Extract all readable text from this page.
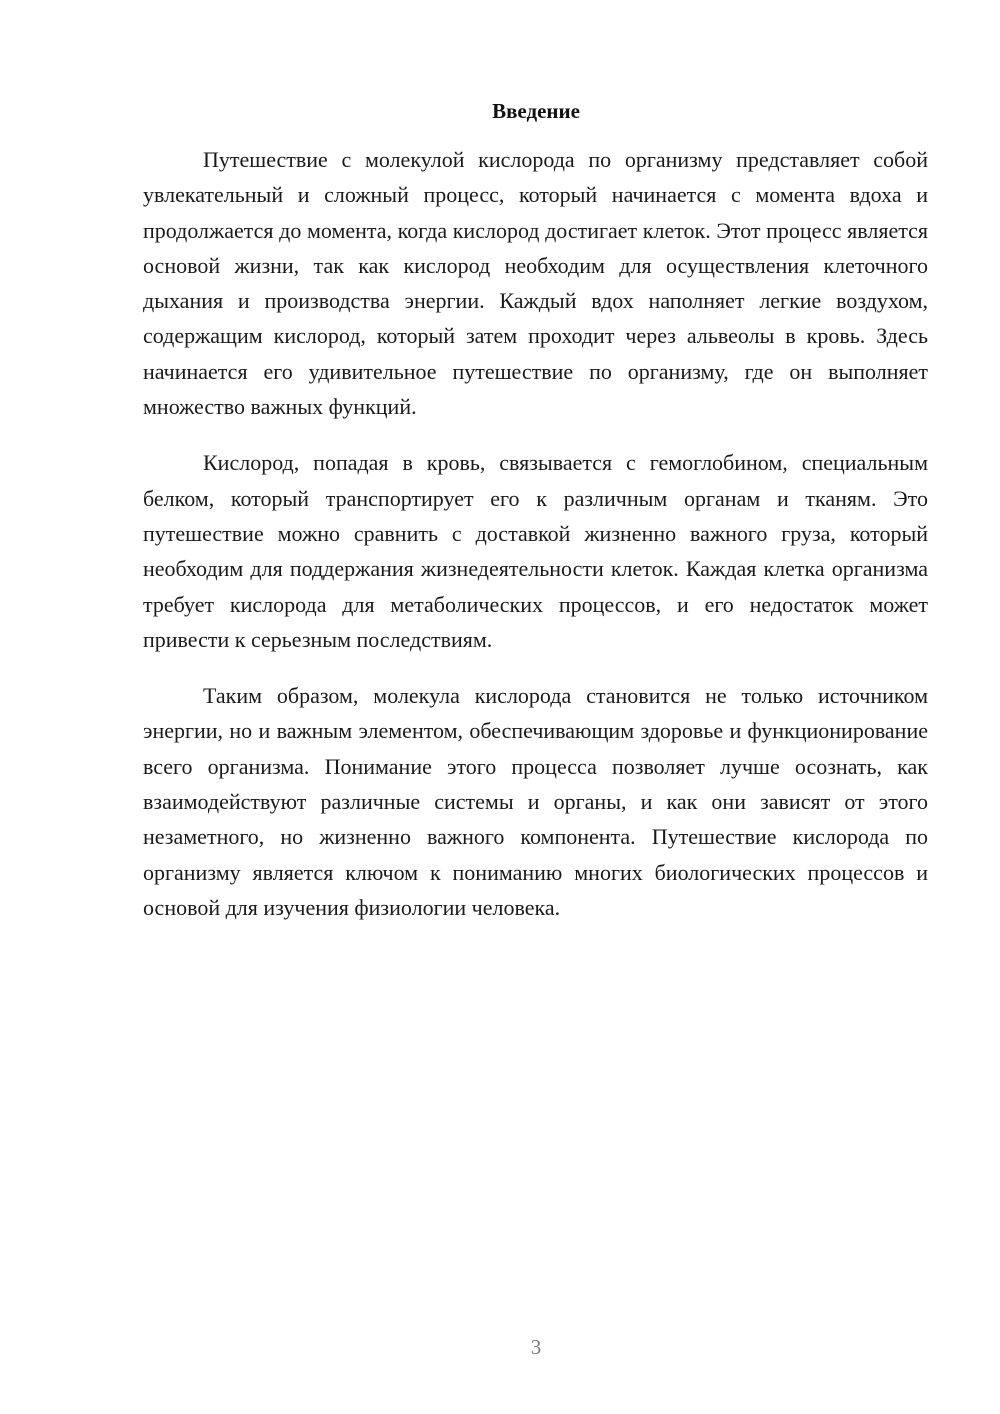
Введение

Путешествие с молекулой кислорода по организму представляет собой увлекательный и сложный процесс, который начинается с момента вдоха и продолжается до момента, когда кислород достигает клеток. Этот процесс является основой жизни, так как кислород необходим для осуществления клеточного дыхания и производства энергии. Каждый вдох наполняет легкие воздухом, содержащим кислород, который затем проходит через альвеолы в кровь. Здесь начинается его удивительное путешествие по организму, где он выполняет множество важных функций.

Кислород, попадая в кровь, связывается с гемоглобином, специальным белком, который транспортирует его к различным органам и тканям. Это путешествие можно сравнить с доставкой жизненно важного груза, который необходим для поддержания жизнедеятельности клеток. Каждая клетка организма требует кислорода для метаболических процессов, и его недостаток может привести к серьезным последствиям.

Таким образом, молекула кислорода становится не только источником энергии, но и важным элементом, обеспечивающим здоровье и функционирование всего организма. Понимание этого процесса позволяет лучше осознать, как взаимодействуют различные системы и органы, и как они зависят от этого незаметного, но жизненно важного компонента. Путешествие кислорода по организму является ключом к пониманию многих биологических процессов и основой для изучения физиологии человека.

3
